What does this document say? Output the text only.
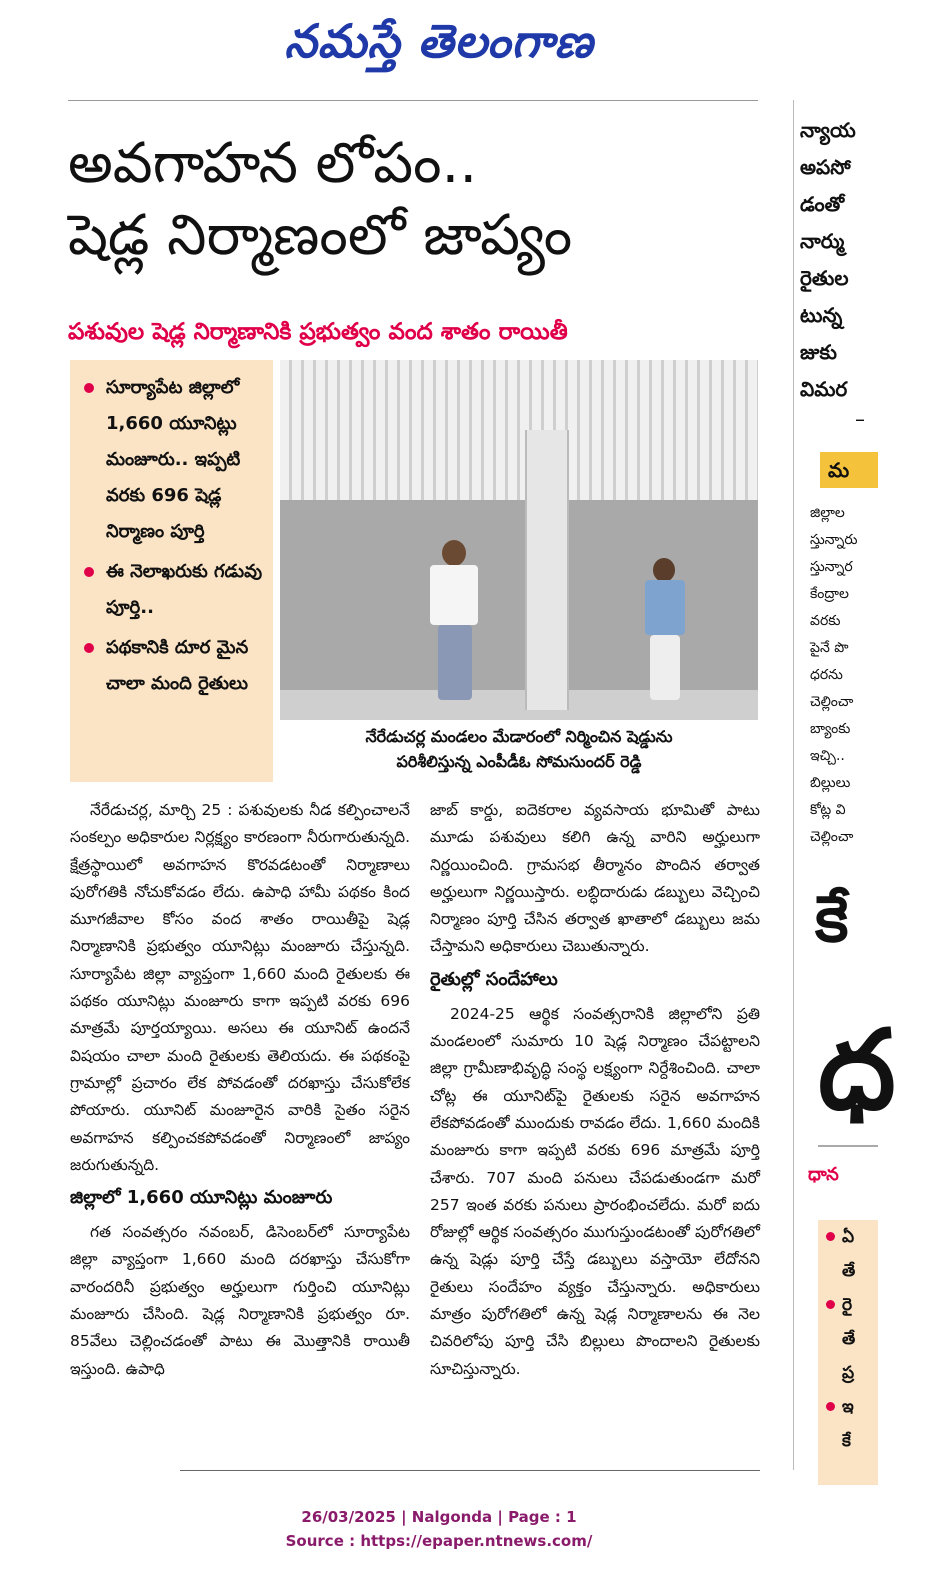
నమస్తే తెలంగాణ
అవగాహన లోపం..
షెడ్ల నిర్మాణంలో జాప్యం
పశువుల షెడ్ల నిర్మాణానికి ప్రభుత్వం వంద శాతం రాయితీ
సూర్యాపేట జిల్లాలో 1,660 యూనిట్లు మంజూరు.. ఇప్పటి వరకు 696 షెడ్ల నిర్మాణం పూర్తి
ఈ నెలాఖరుకు గడువు పూర్తి..
పథకానికి దూర మైన చాలా మంది రైతులు
నేరేడుచర్ల మండలం మేడారంలో నిర్మించిన షెడ్డును
పరిశీలిస్తున్న ఎంపీడీఓ సోమసుందర్ రెడ్డి

నేరేడుచర్ల, మార్చి 25 : పశువులకు నీడ కల్పించాలనే సంకల్పం అధికారుల నిర్లక్ష్యం కారణంగా నీరుగారుతున్నది. క్షేత్రస్థాయిలో అవగాహన కొరవడటంతో నిర్మాణాలు పురోగతికి నోచుకోవడం లేదు. ఉపాధి హామీ పథకం కింద మూగజీవాల కోసం వంద శాతం రాయితీపై షెడ్ల నిర్మాణానికి ప్రభుత్వం యూనిట్లు మంజూరు చేస్తున్నది. సూర్యాపేట జిల్లా వ్యాప్తంగా 1,660 మంది రైతులకు ఈ పథకం యూనిట్లు మంజూరు కాగా ఇప్పటి వరకు 696 మాత్రమే పూర్తయ్యాయి. అసలు ఈ యూనిట్ ఉందనే విషయం చాలా మంది రైతులకు తెలియదు. ఈ పథకంపై గ్రామాల్లో ప్రచారం లేక పోవడంతో దరఖాస్తు చేసుకోలేక పోయారు. యూనిట్ మంజూరైన వారికి సైతం సరైన అవగాహన కల్పించకపోవడంతో నిర్మాణంలో జాప్యం జరుగుతున్నది.

జిల్లాలో 1,660 యూనిట్లు మంజూరు

గత సంవత్సరం నవంబర్, డిసెంబర్‌లో సూర్యాపేట జిల్లా వ్యాప్తంగా 1,660 మంది దరఖాస్తు చేసుకోగా వారందరినీ ప్రభుత్వం అర్హులుగా గుర్తించి యూనిట్లు మంజూరు చేసింది. షెడ్ల నిర్మాణానికి ప్రభుత్వం రూ. 85వేలు చెల్లించడంతో పాటు ఈ మొత్తానికి రాయితీ ఇస్తుంది. ఉపాధి

జాబ్ కార్డు, ఐదెకరాల వ్యవసాయ భూమితో పాటు మూడు పశువులు కలిగి ఉన్న వారిని అర్హులుగా నిర్ణయించింది. గ్రామసభ తీర్మానం పొందిన తర్వాత అర్హులుగా నిర్ణయిస్తారు. లబ్ధిదారుడు డబ్బులు వెచ్చించి నిర్మాణం పూర్తి చేసిన తర్వాత ఖాతాలో డబ్బులు జమ చేస్తామని అధికారులు చెబుతున్నారు.

రైతుల్లో సందేహాలు

2024-25 ఆర్థిక సంవత్సరానికి జిల్లాలోని ప్రతి మండలంలో సుమారు 10 షెడ్ల నిర్మాణం చేపట్టాలని జిల్లా గ్రామీణాభివృద్ధి సంస్థ లక్ష్యంగా నిర్దేశించింది. చాలా చోట్ల ఈ యూనిట్‌పై రైతులకు సరైన అవగాహన లేకపోవడంతో ముందుకు రావడం లేదు. 1,660 మందికి మంజూరు కాగా ఇప్పటి వరకు 696 మాత్రమే పూర్తి చేశారు. 707 మంది పనులు చేపడుతుండగా మరో 257 ఇంత వరకు పనులు ప్రారంభించలేదు. మరో ఐదు రోజుల్లో ఆర్థిక సంవత్సరం ముగుస్తుండటంతో పురోగతిలో ఉన్న షెడ్లు పూర్తి చేస్తే డబ్బులు వస్తాయో లేదోనని రైతులు సందేహం వ్యక్తం చేస్తున్నారు. అధికారులు మాత్రం పురోగతిలో ఉన్న షెడ్ల నిర్మాణాలను ఈ నెల చివరిలోపు పూర్తి చేసి బిల్లులు పొందాలని రైతులకు సూచిస్తున్నారు.

న్యాయ
అపసో
డంతో
నార్ము
రైతుల
టున్న
జుకు
విమర
–
మ
జిల్లాల
స్తున్నారు
స్తున్నార
కేంద్రాల
వరకు
పైనే పొ
ధరను
చెల్లించా
బ్యాంకు
ఇచ్చి..
బిల్లులు
కోట్ల వి
చెల్లించా
కే
ధ
ధాన
ఏ
తే
రై
తే
ప్ర
ఇ
కే
26/03/2025 | Nalgonda | Page : 1
Source : https://epaper.ntnews.com/
